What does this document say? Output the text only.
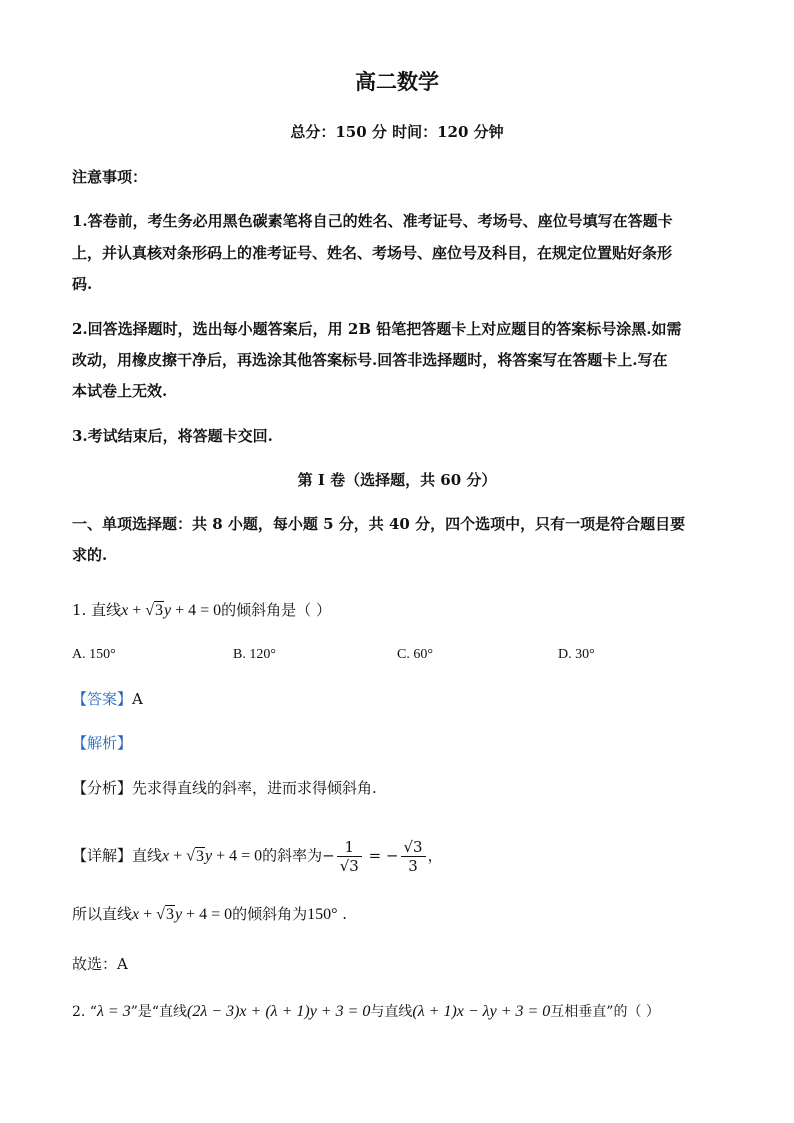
高二数学
总分：150 分 时间：120 分钟
注意事项：
1.答卷前，考生务必用黑色碳素笔将自己的姓名、准考证号、考场号、座位号填写在答题卡
上，并认真核对条形码上的准考证号、姓名、考场号、座位号及科目，在规定位置贴好条形
码.
2.回答选择题时，选出每小题答案后，用 2B 铅笔把答题卡上对应题目的答案标号涂黑.如需
改动，用橡皮擦干净后，再选涂其他答案标号.回答非选择题时，将答案写在答题卡上.写在
本试卷上无效.
3.考试结束后，将答题卡交回.
第 I 卷（选择题，共 60 分）
一、单项选择题：共 8 小题，每小题 5 分，共 40 分，四个选项中，只有一项是符合题目要
求的.
1. 直线x + √3y + 4 = 0的倾斜角是（ ）
A. 150°	B. 120°	C. 60°	D. 30°
【答案】A
【解析】
【分析】先求得直线的斜率，进而求得倾斜角.
【详解】直线x + √3y + 4 = 0的斜率为− $\frac{1}{√3}$ = − $\frac{√3}{3}$ ，
所以直线x + √3y + 4 = 0的倾斜角为150° .
故选：A
2. “λ = 3”是“直线(2λ − 3)x + (λ + 1)y + 3 = 0与直线(λ + 1)x − λy + 3 = 0互相垂直”的（ ）
